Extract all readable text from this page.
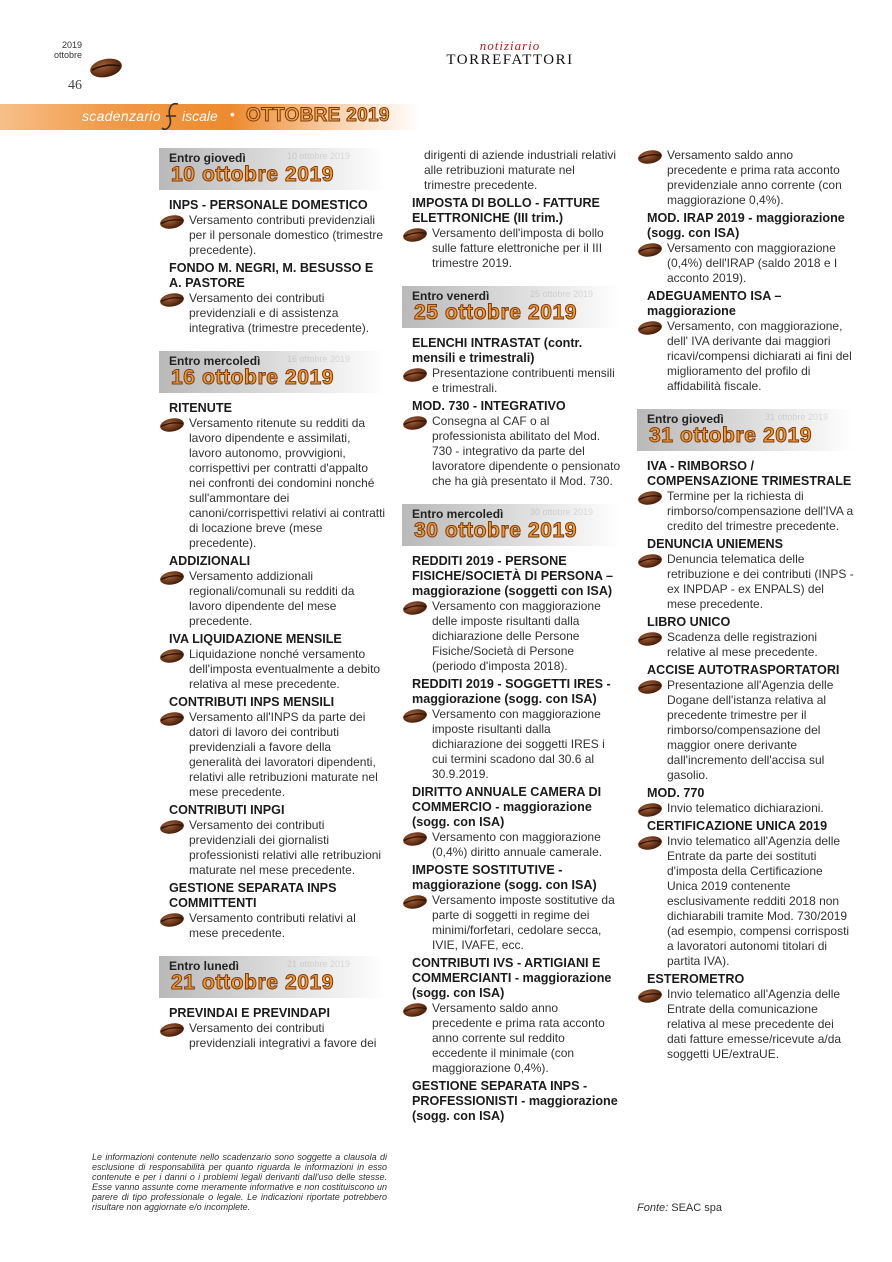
2019
ottobre
46
notiziario
TORREFATTORI
scadenzario iscale • OTTOBRE 2019
Entro giovedì	10 ottobre 2019
10 ottobre 2019
INPS - PERSONALE DOMESTICO
Versamento contributi previdenziali per il personale domestico (trimestre precedente).
FONDO M. NEGRI, M. BESUSSO E A. PASTORE
Versamento dei contributi previdenziali e di assistenza integrativa (trimestre precedente).
Entro mercoledì	16 ottobre 2019
16 ottobre 2019
RITENUTE
Versamento ritenute su redditi da lavoro dipendente e assimilati, lavoro autonomo, provvigioni, corrispettivi per contratti d'appalto nei confronti dei condomini nonché sull'ammontare dei canoni/corrispettivi relativi ai contratti di locazione breve (mese precedente).
ADDIZIONALI
Versamento addizionali regionali/comunali su redditi da lavoro dipendente del mese precedente.
IVA LIQUIDAZIONE MENSILE
Liquidazione nonché versamento dell'imposta eventualmente a debito relativa al mese precedente.
CONTRIBUTI INPS MENSILI
Versamento all'INPS da parte dei datori di lavoro dei contributi previdenziali a favore della generalità dei lavoratori dipendenti, relativi alle retribuzioni maturate nel mese precedente.
CONTRIBUTI INPGI
Versamento dei contributi previdenziali dei giornalisti professionisti relativi alle retribuzioni maturate nel mese precedente.
GESTIONE SEPARATA INPS COMMITTENTI
Versamento contributi relativi al mese precedente.
Entro lunedì	21 ottobre 2019
21 ottobre 2019
PREVINDAI E PREVINDAPI
Versamento dei contributi previdenziali integrativi a favore dei
dirigenti di aziende industriali relativi alle retribuzioni maturate nel trimestre precedente.
IMPOSTA DI BOLLO - FATTURE ELETTRONICHE (III trim.)
Versamento dell'imposta di bollo sulle fatture elettroniche per il III trimestre 2019.
Entro venerdì	25 ottobre 2019
25 ottobre 2019
ELENCHI INTRASTAT (contr. mensili e trimestrali)
Presentazione contribuenti mensili e trimestrali.
MOD. 730 - INTEGRATIVO
Consegna al CAF o al professionista abilitato del Mod. 730 - integrativo da parte del lavoratore dipendente o pensionato che ha già presentato il Mod. 730.
Entro mercoledì	30 ottobre 2019
30 ottobre 2019
REDDITI 2019 - PERSONE FISICHE/SOCIETÀ DI PERSONA – maggiorazione (soggetti con ISA)
Versamento con maggiorazione delle imposte risultanti dalla dichiarazione delle Persone Fisiche/Società di Persone (periodo d'imposta 2018).
REDDITI 2019 - SOGGETTI IRES - maggiorazione (sogg. con ISA)
Versamento con maggiorazione imposte risultanti dalla dichiarazione dei soggetti IRES i cui termini scadono dal 30.6 al 30.9.2019.
DIRITTO ANNUALE CAMERA DI COMMERCIO - maggiorazione (sogg. con ISA)
Versamento con maggiorazione (0,4%) diritto annuale camerale.
IMPOSTE SOSTITUTIVE - maggiorazione (sogg. con ISA)
Versamento imposte sostitutive da parte di soggetti in regime dei minimi/forfetari, cedolare secca, IVIE, IVAFE, ecc.
CONTRIBUTI IVS - ARTIGIANI E COMMERCIANTI - maggiorazione (sogg. con ISA)
Versamento saldo anno precedente e prima rata acconto anno corrente sul reddito eccedente il minimale (con maggiorazione 0,4%).
GESTIONE SEPARATA INPS - PROFESSIONISTI - maggiorazione (sogg. con ISA)
Versamento saldo anno precedente e prima rata acconto previdenziale anno corrente (con maggiorazione 0,4%).
MOD. IRAP 2019 - maggiorazione (sogg. con ISA)
Versamento con maggiorazione (0,4%) dell'IRAP (saldo 2018 e I acconto 2019).
ADEGUAMENTO ISA – maggiorazione
Versamento, con maggiorazione, dell' IVA derivante dai maggiori ricavi/compensi dichiarati ai fini del miglioramento del profilo di affidabilità fiscale.
Entro giovedì	31 ottobre 2019
31 ottobre 2019
IVA - RIMBORSO / COMPENSAZIONE TRIMESTRALE
Termine per la richiesta di rimborso/compensazione dell'IVA a credito del trimestre precedente.
DENUNCIA UNIEMENS
Denuncia telematica delle retribuzione e dei contributi (INPS - ex INPDAP - ex ENPALS) del mese precedente.
LIBRO UNICO
Scadenza delle registrazioni relative al mese precedente.
ACCISE AUTOTRASPORTATORI
Presentazione all'Agenzia delle Dogane dell'istanza relativa al precedente trimestre per il rimborso/compensazione del maggior onere derivante dall'incremento dell'accisa sul gasolio.
MOD. 770
Invio telematico dichiarazioni.
CERTIFICAZIONE UNICA 2019
Invio telematico all'Agenzia delle Entrate da parte dei sostituti d'imposta della Certificazione Unica 2019 contenente esclusivamente redditi 2018 non dichiarabili tramite Mod. 730/2019 (ad esempio, compensi corrisposti a lavoratori autonomi titolari di partita IVA).
ESTEROMETRO
Invio telematico all'Agenzia delle Entrate della comunicazione relativa al mese precedente dei dati fatture emesse/ricevute a/da soggetti UE/extraUE.
Le informazioni contenute nello scadenzario sono soggette a clausola di esclusione di responsabilità per quanto riguarda le informazioni in esso contenute e per i danni o i problemi legali derivanti dall'uso delle stesse. Esse vanno assunte come meramente informative e non costituiscono un parere di tipo professionale o legale. Le indicazioni riportate potrebbero risultare non aggiornate e/o incomplete.	Fonte: SEAC spa
